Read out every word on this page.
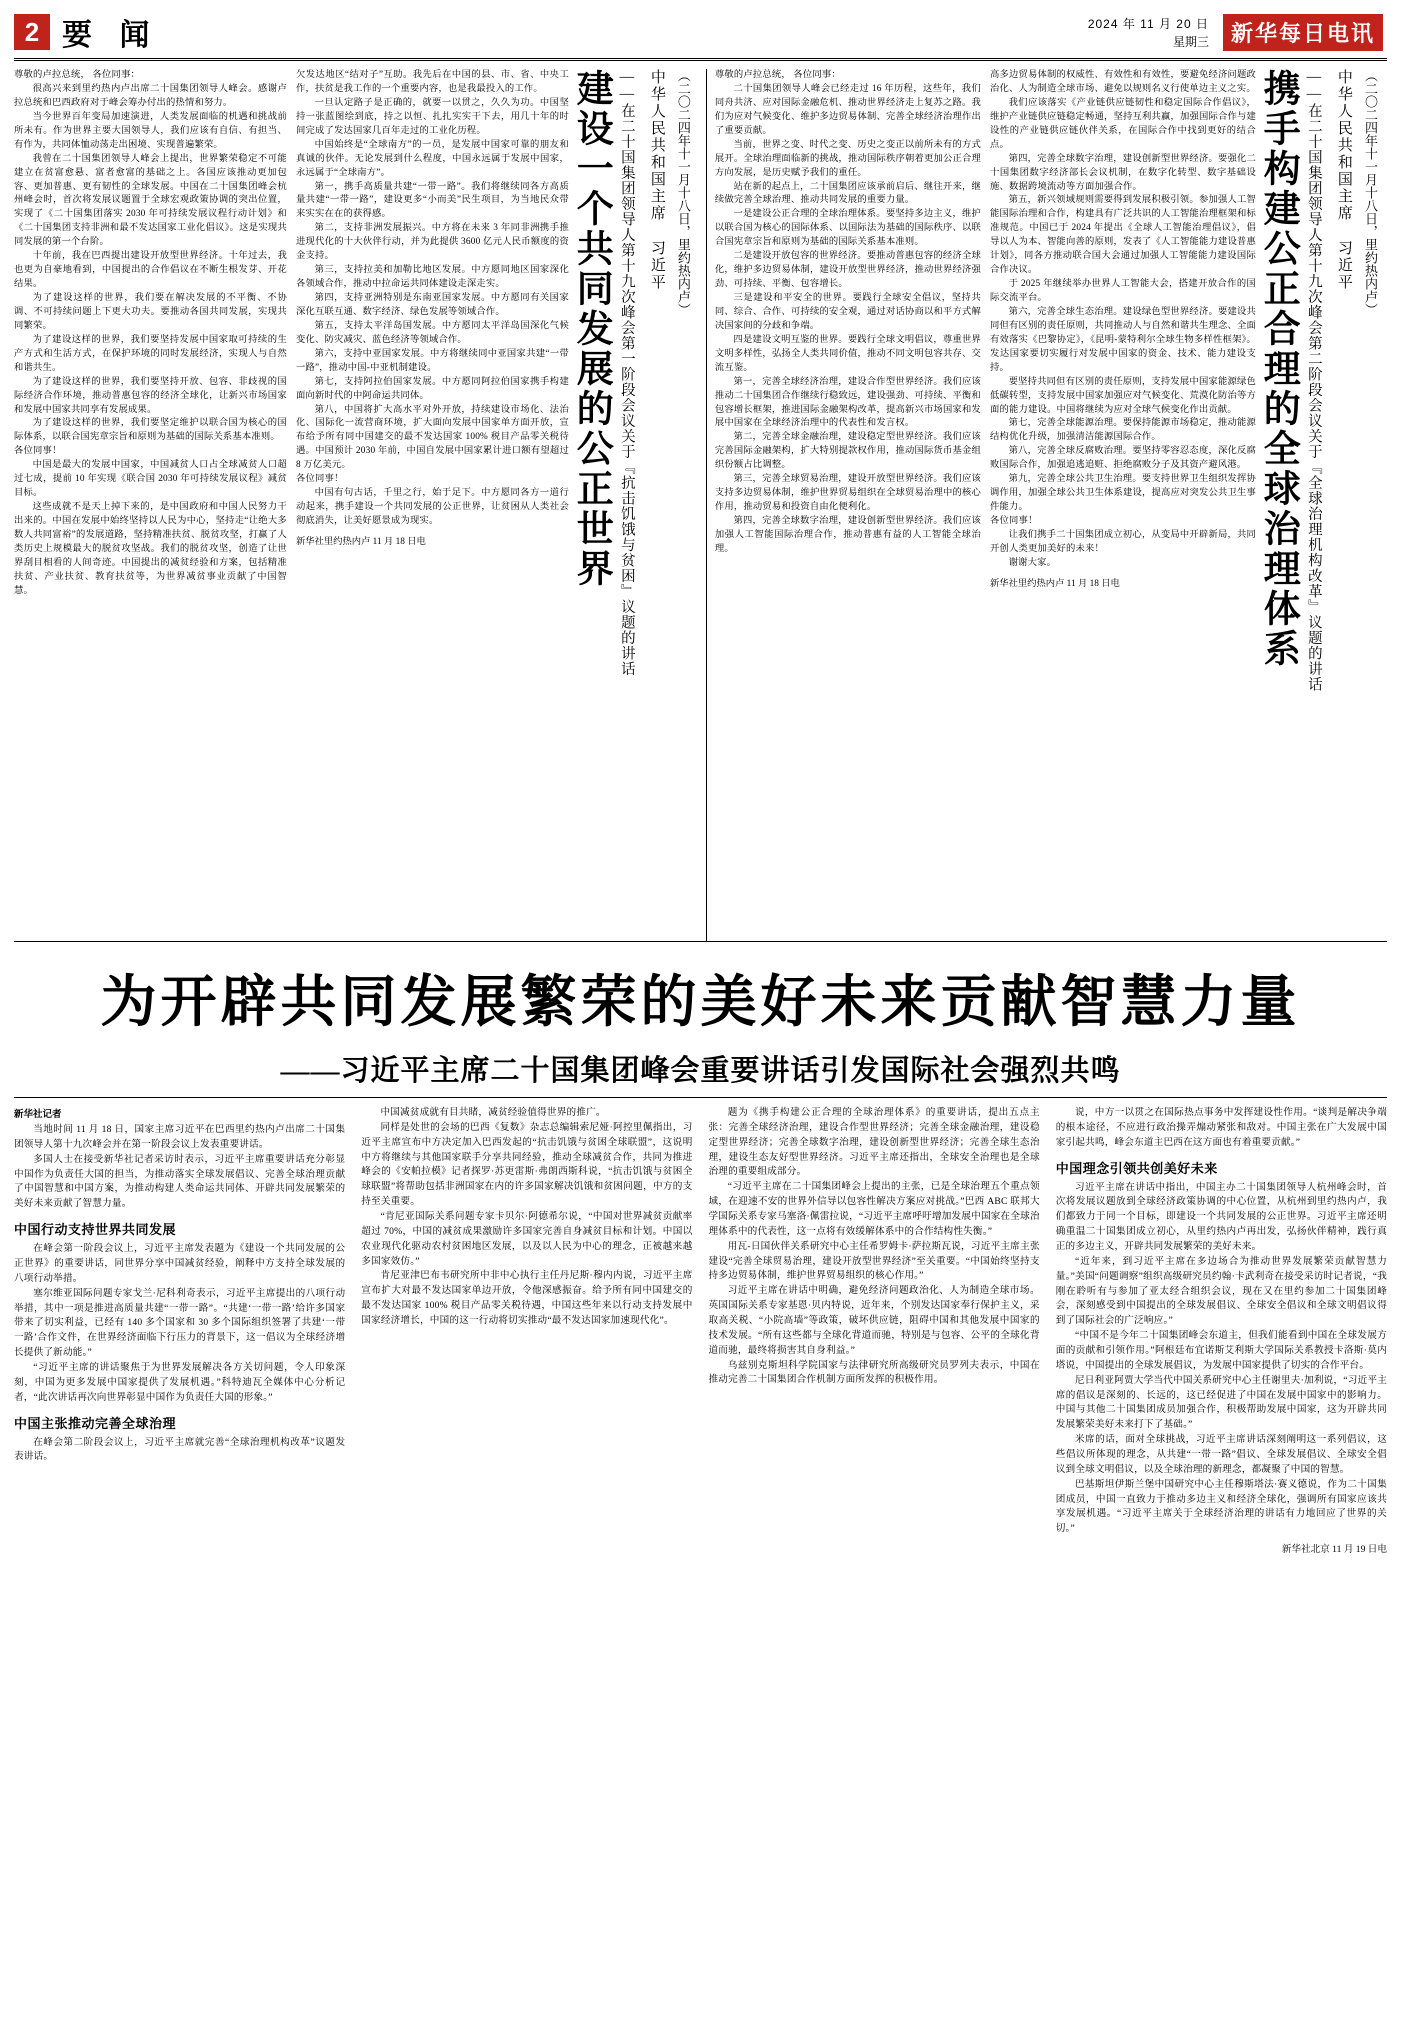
2 要 闻	2024 年 11 月 20 日
星期三	新华每日电讯
建设一个共同发展的公正世界 ——在二十国集团领导人第十九次峰会第一阶段会议关于『抗击饥饿与贫困』议题的讲话 中华人民共和国主席 习近平 （二〇二四年十一月十八日，里约热内卢）

尊敬的卢拉总统， 各位同事：

很高兴来到里约热内卢出席二十国集团领导人峰会。感谢卢拉总统和巴西政府对于峰会筹办付出的热情和努力。

当今世界百年变局加速演进，人类发展面临的机遇和挑战前所未有。作为世界主要大国领导人，我们应该有自信、有担当、有作为，共同体恤动荡走出困境、实现普遍繁荣。

我曾在二十国集团领导人峰会上提出，世界繁荣稳定不可能建立在贫富愈悬、富者愈富的基础之上。各国应该推动更加包容、更加普惠、更有韧性的全球发展。中国在二十国集团峰会杭州峰会时，首次将发展议题置于全球宏观政策协调的突出位置，实现了《二十国集团落实 2030 年可持续发展议程行动计划》和《二十国集团支持非洲和最不发达国家工业化倡议》。这是实现共同发展的第一个台阶。

十年前，我在巴西提出建设开放型世界经济。十年过去，我也更为自豪地看到，中国提出的合作倡议在不断生根发芽、开花结果。

为了建设这样的世界，我们要在解决发展的不平衡、不协调、不可持续问题上下更大功夫。要推动各国共同发展，实现共同繁荣。

为了建设这样的世界，我们要坚持发展中国家取可持续的生产方式和生活方式，在保护环境的同时发展经济，实现人与自然和谐共生。

为了建设这样的世界，我们要坚持开放、包容、非歧视的国际经济合作环境，推动普惠包容的经济全球化，让新兴市场国家和发展中国家共同享有发展成果。

为了建设这样的世界，我们要坚定维护以联合国为核心的国际体系，以联合国宪章宗旨和原则为基础的国际关系基本准则。

各位同事！

中国是最大的发展中国家，中国减贫人口占全球减贫人口超过七成，提前 10 年实现《联合国 2030 年可持续发展议程》减贫目标。

这些成就不是天上掉下来的，是中国政府和中国人民努力干出来的。中国在发展中始终坚持以人民为中心，坚持走“让绝大多数人共同富裕”的发展道路，坚持精准扶贫、脱贫攻坚，打赢了人类历史上规模最大的脱贫攻坚战。我们的脱贫攻坚，创造了让世界刮目相看的人间奇迹。中国提出的减贫经验和方案，包括精准扶贫、产业扶贫、教育扶贫等，为世界减贫事业贡献了中国智慧。

欠发达地区“结对子”互助。我先后在中国的县、市、省、中央工作，扶贫是我工作的一个重要内容，也是我最投入的工作。

一旦认定路子是正确的，就要一以贯之，久久为功。中国坚持一张蓝图绘到底，持之以恒、扎扎实实干下去，用几十年的时间完成了发达国家几百年走过的工业化历程。

中国始终是“全球南方”的一员，是发展中国家可靠的朋友和真诚的伙伴。无论发展到什么程度，中国永远属于发展中国家，永远属于“全球南方”。

第一，携手高质量共建“一带一路”。我们将继续同各方高质量共建“一带一路”，建设更多“小而美”民生项目，为当地民众带来实实在在的获得感。

第二，支持非洲发展振兴。中方将在未来 3 年同非洲携手推进现代化的十大伙伴行动，并为此提供 3600 亿元人民币额度的资金支持。

第三，支持拉美和加勒比地区发展。中方愿同地区国家深化各领域合作，推动中拉命运共同体建设走深走实。

第四，支持亚洲特别是东南亚国家发展。中方愿同有关国家深化互联互通、数字经济、绿色发展等领域合作。

第五，支持太平洋岛国发展。中方愿同太平洋岛国深化气候变化、防灾减灾、蓝色经济等领域合作。

第六，支持中亚国家发展。中方将继续同中亚国家共建“一带一路”，推动中国-中亚机制建设。

第七，支持阿拉伯国家发展。中方愿同阿拉伯国家携手构建面向新时代的中阿命运共同体。

第八，中国将扩大高水平对外开放，持续建设市场化、法治化、国际化一流营商环境，扩大面向发展中国家单方面开放，宣布给予所有同中国建交的最不发达国家 100% 税目产品零关税待遇。中国预计 2030 年前，中国自发展中国家累计进口额有望超过 8 万亿美元。

各位同事！

中国有句古话，千里之行，始于足下。中方愿同各方一道行动起来，携手建设一个共同发展的公正世界，让贫困从人类社会彻底消失，让美好愿景成为现实。

新华社里约热内卢 11 月 18 日电	携手构建公正合理的全球治理体系 ——在二十国集团领导人第十九次峰会第二阶段会议关于『全球治理机构改革』议题的讲话 中华人民共和国主席 习近平 （二〇二四年十一月十八日，里约热内卢）

尊敬的卢拉总统， 各位同事：

二十国集团领导人峰会已经走过 16 年历程，这些年，我们同舟共济、应对国际金融危机、推动世界经济走上复苏之路。我们为应对气候变化、维护多边贸易体制、完善全球经济治理作出了重要贡献。

当前，世界之变、时代之变、历史之变正以前所未有的方式展开。全球治理面临新的挑战，推动国际秩序朝着更加公正合理方向发展，是历史赋予我们的重任。

站在新的起点上，二十国集团应该承前启后、继往开来，继续做完善全球治理、推动共同发展的重要力量。

一是建设公正合理的全球治理体系。要坚持多边主义，维护以联合国为核心的国际体系、以国际法为基础的国际秩序、以联合国宪章宗旨和原则为基础的国际关系基本准则。

二是建设开放包容的世界经济。要推动普惠包容的经济全球化，维护多边贸易体制，建设开放型世界经济，推动世界经济强劲、可持续、平衡、包容增长。

三是建设和平安全的世界。要践行全球安全倡议，坚持共同、综合、合作、可持续的安全观，通过对话协商以和平方式解决国家间的分歧和争端。

四是建设文明互鉴的世界。要践行全球文明倡议，尊重世界文明多样性，弘扬全人类共同价值，推动不同文明包容共存、交流互鉴。

第一，完善全球经济治理，建设合作型世界经济。我们应该推动二十国集团合作继续行稳致远，建设强劲、可持续、平衡和包容增长框架，推进国际金融架构改革，提高新兴市场国家和发展中国家在全球经济治理中的代表性和发言权。

第二，完善全球金融治理，建设稳定型世界经济。我们应该完善国际金融架构，扩大特别提款权作用，推动国际货币基金组织份额占比调整。

第三，完善全球贸易治理，建设开放型世界经济。我们应该支持多边贸易体制，维护世界贸易组织在全球贸易治理中的核心作用，推动贸易和投资自由化便利化。

第四，完善全球数字治理，建设创新型世界经济。我们应该加强人工智能国际治理合作，推动普惠有益的人工智能全球治理。

高多边贸易体制的权威性、有效性和有效性，要避免经济问题政治化、人为制造全球市场、避免以规则名义行使单边主义之实。

我们应该落实《产业链供应链韧性和稳定国际合作倡议》，维护产业链供应链稳定畅通，坚持互利共赢，加强国际合作与建设性的产业链供应链伙伴关系，在国际合作中找到更好的结合点。

第四，完善全球数字治理，建设创新型世界经济。要强化二十国集团数字经济部长会议机制，在数字化转型、数字基础设施、数据跨境流动等方面加强合作。

第五，新兴领域规则需要得到发展积极引领。参加强人工智能国际治理和合作，构建具有广泛共识的人工智能治理框架和标准规范。中国已于 2024 年提出《全球人工智能治理倡议》，倡导以人为本、智能向善的原则，发表了《人工智能能力建设普惠计划》，同各方推动联合国大会通过加强人工智能能力建设国际合作决议。

于 2025 年继续举办世界人工智能大会，搭建开放合作的国际交流平台。

第六，完善全球生态治理。建设绿色型世界经济。要建设共同但有区别的责任原则，共同推动人与自然和谐共生理念、全面有效落实《巴黎协定》，《昆明-蒙特利尔全球生物多样性框架》。发达国家要切实履行对发展中国家的资金、技术、能力建设支持。

要坚持共同但有区别的责任原则，支持发展中国家能源绿色低碳转型，支持发展中国家加强应对气候变化、荒漠化防治等方面的能力建设。中国将继续为应对全球气候变化作出贡献。

第七，完善全球能源治理。要保持能源市场稳定，推动能源结构优化升级，加强清洁能源国际合作。

第八，完善全球反腐败治理。要坚持零容忍态度，深化反腐败国际合作，加强追逃追赃、拒绝腐败分子及其资产避风港。

第九，完善全球公共卫生治理。要支持世界卫生组织发挥协调作用，加强全球公共卫生体系建设，提高应对突发公共卫生事件能力。

各位同事！

让我们携手二十国集团成立初心，从变局中开辟新局，共同开创人类更加美好的未来！

谢谢大家。

新华社里约热内卢 11 月 18 日电
为开辟共同发展繁荣的美好未来贡献智慧力量
——习近平主席二十国集团峰会重要讲话引发国际社会强烈共鸣
新华社记者

当地时间 11 月 18 日，国家主席习近平在巴西里约热内卢出席二十国集团领导人第十九次峰会并在第一阶段会议上发表重要讲话。

多国人士在接受新华社记者采访时表示，习近平主席重要讲话充分彰显中国作为负责任大国的担当，为推动落实全球发展倡议、完善全球治理贡献了中国智慧和中国方案，为推动构建人类命运共同体、开辟共同发展繁荣的美好未来贡献了智慧力量。

中国行动支持世界共同发展

在峰会第一阶段会议上，习近平主席发表题为《建设一个共同发展的公正世界》的重要讲话，同世界分享中国减贫经验，阐释中方支持全球发展的八项行动举措。

塞尔维亚国际问题专家戈兰·尼科利奇表示，习近平主席提出的八项行动举措，其中一项是推进高质量共建“一带一路”。“共建‘一带一路’给许多国家带来了切实利益，已经有 140 多个国家和 30 多个国际组织签署了共建‘一带一路’合作文件，在世界经济面临下行压力的背景下，这一倡议为全球经济增长提供了新动能。”

“习近平主席的讲话聚焦于为世界发展解决各方关切问题，令人印象深刻，中国为更多发展中国家提供了发展机遇。”科特迪瓦全媒体中心分析记者，“此次讲话再次向世界彰显中国作为负责任大国的形象。”

中国主张推动完善全球治理

在峰会第二阶段会议上，习近平主席就完善“全球治理机构改革”议题发表讲话。

中国减贫成就有目共睹，减贫经验值得世界的推广。

同样是处世的会场的巴西《复数》杂志总编辑索尼娅·阿控里佩指出，习近平主席宣布中方决定加入巴西发起的“抗击饥饿与贫困全球联盟”，这说明中方将继续与其他国家联手分享共同经验，推动全球减贫合作，共同为推进峰会的《安帕拉模》记者探罗·苏更雷斯·弗朗西斯科说，“抗击饥饿与贫困全球联盟”将帮助包括非洲国家在内的许多国家解决饥饿和贫困问题，中方的支持至关重要。

“肯尼亚国际关系问题专家卡贝尔·阿德希尔说，“中国对世界减贫贡献率超过 70%，中国的减贫成果激励许多国家完善自身减贫目标和计划。中国以农业现代化驱动农村贫困地区发展，以及以人民为中心的理念，正被越来越多国家效仿。”

肯尼亚津巴布韦研究所中非中心执行主任丹尼斯·穆内内说，习近平主席宣布扩大对最不发达国家单边开放，令他深感振奋。给予所有同中国建交的最不发达国家 100% 税目产品零关税待遇，中国这些年来以行动支持发展中国家经济增长，中国的这一行动将切实推动“最不发达国家加速现代化”。

题为《携手构建公正合理的全球治理体系》的重要讲话，提出五点主张：完善全球经济治理，建设合作型世界经济；完善全球金融治理，建设稳定型世界经济；完善全球数字治理，建设创新型世界经济；完善全球生态治理，建设生态友好型世界经济。习近平主席还指出，全球安全治理也是全球治理的重要组成部分。

“习近平主席在二十国集团峰会上提出的主张，已是全球治理五个重点领域，在迎速不安的世界外信导以包容性解决方案应对挑战。”巴西 ABC 联邦大学国际关系专家马塞洛·佩雷拉说，“习近平主席呼吁增加发展中国家在全球治理体系中的代表性，这一点将有效缓解体系中的合作结构性失衡。”

用瓦-日国伙伴关系研究中心主任希罗姆卡·萨拉斯瓦说，习近平主席主张建设“完善全球贸易治理，建设开放型世界经济”至关重要。“中国始终坚持支持多边贸易体制，维护世界贸易组织的核心作用。”

习近平主席在讲话中明确，避免经济问题政治化、人为制造全球市场。英国国际关系专家基恩·贝内特说，近年来，个别发达国家奉行保护主义，采取高关税、“小院高墙”等政策，破坏供应链，阻碍中国和其他发展中国家的技术发展。“所有这些都与全球化背道而驰，特别是与包容、公平的全球化背道而驰，最终将损害其自身利益。”

乌兹别克斯坦科学院国家与法律研究所高级研究员罗列夫表示，中国在推动完善二十国集团合作机制方面所发挥的积极作用。

说，中方一以贯之在国际热点事务中发挥建设性作用。“谈判是解决争端的根本途径，不应进行政治操弄煽动紧张和敌对。中国主张在广大发展中国家引起共鸣，峰会东道主巴西在这方面也有着重要贡献。”

中国理念引领共创美好未来

习近平主席在讲话中指出，中国主办二十国集团领导人杭州峰会时，首次将发展议题放到全球经济政策协调的中心位置，从杭州到里约热内卢，我们都致力于同一个目标，即建设一个共同发展的公正世界。习近平主席还明确重温二十国集团成立初心，从里约热内卢再出发，弘扬伙伴精神，践行真正的多边主义，开辟共同发展繁荣的美好未来。

“近年来，到习近平主席在多边场合为推动世界发展繁荣贡献智慧力量。”美国“问题调察”组织高级研究员约翰·卡武利奇在接受采访时记者说，“我刚在聆听有与参加了亚太经合组织会议，现在又在里约参加二十国集团峰会，深刻感受到中国提出的全球发展倡议、全球安全倡议和全球文明倡议得到了国际社会的广泛响应。”

“中国不是今年二十国集团峰会东道主，但我们能看到中国在全球发展方面的贡献和引领作用。”阿根廷布宜诺斯艾利斯大学国际关系教授卡洛斯·莫内塔说，中国提出的全球发展倡议，为发展中国家提供了切实的合作平台。

尼日利亚阿贾大学当代中国关系研究中心主任谢里夫·加利说，“习近平主席的倡议是深刻的、长远的，这已经促进了中国在发展中国家中的影响力。中国与其他二十国集团成员加强合作，积极帮助发展中国家，这为开辟共同发展繁荣美好未来打下了基础。”

米席的话，面对全球挑战，习近平主席讲话深刻阐明这一系列倡议，这些倡议所体现的理念，从共建“一带一路”倡议、全球发展倡议、全球安全倡议到全球文明倡议，以及全球治理的新理念，都凝聚了中国的智慧。

巴基斯坦伊斯兰堡中国研究中心主任穆斯塔法·赛义德说，作为二十国集团成员，中国一直致力于推动多边主义和经济全球化，强调所有国家应该共享发展机遇。“习近平主席关于全球经济治理的讲话有力地回应了世界的关切。”

新华社北京 11 月 19 日电
